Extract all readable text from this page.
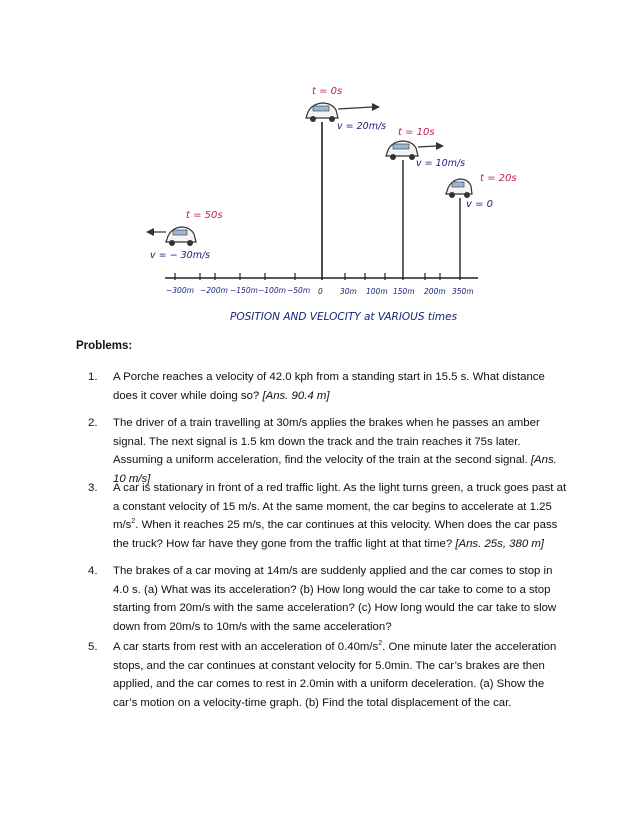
t = 0s
v = 20m/s
t = 10s
v = 10m/s
t = 20s
v = 0
t = 50s
v = − 30m/s
−300m −200m −150m −100m −50m 0 30m 100m 150m 200m 350m
POSITION AND VELOCITY at VARIOUS times
Problems:
1. A Porche reaches a velocity of 42.0 kph from a standing start in 15.5 s. What distance does it cover while doing so? [Ans. 90.4 m]
2. The driver of a train travelling at 30m/s applies the brakes when he passes an amber signal. The next signal is 1.5 km down the track and the train reaches it 75s later. Assuming a uniform acceleration, find the velocity of the train at the second signal. [Ans. 10 m/s]
3. A car is stationary in front of a red traffic light. As the light turns green, a truck goes past at a constant velocity of 15 m/s. At the same moment, the car begins to accelerate at 1.25 $m/s^2$. When it reaches 25 m/s, the car continues at this velocity. When does the car pass the truck? How far have they gone from the traffic light at that time? [Ans. 25s, 380 m]
4. The brakes of a car moving at 14m/s are suddenly applied and the car comes to stop in 4.0 s. (a) What was its acceleration? (b) How long would the car take to come to a stop starting from 20m/s with the same acceleration? (c) How long would the car take to slow down from 20m/s to 10m/s with the same acceleration?
5. A car starts from rest with an acceleration of $0.40m/s^2$. One minute later the acceleration stops, and the car continues at constant velocity for 5.0min. The car’s brakes are then applied, and the car comes to rest in 2.0min with a uniform deceleration. (a) Show the car’s motion on a velocity-time graph. (b) Find the total displacement of the car.
